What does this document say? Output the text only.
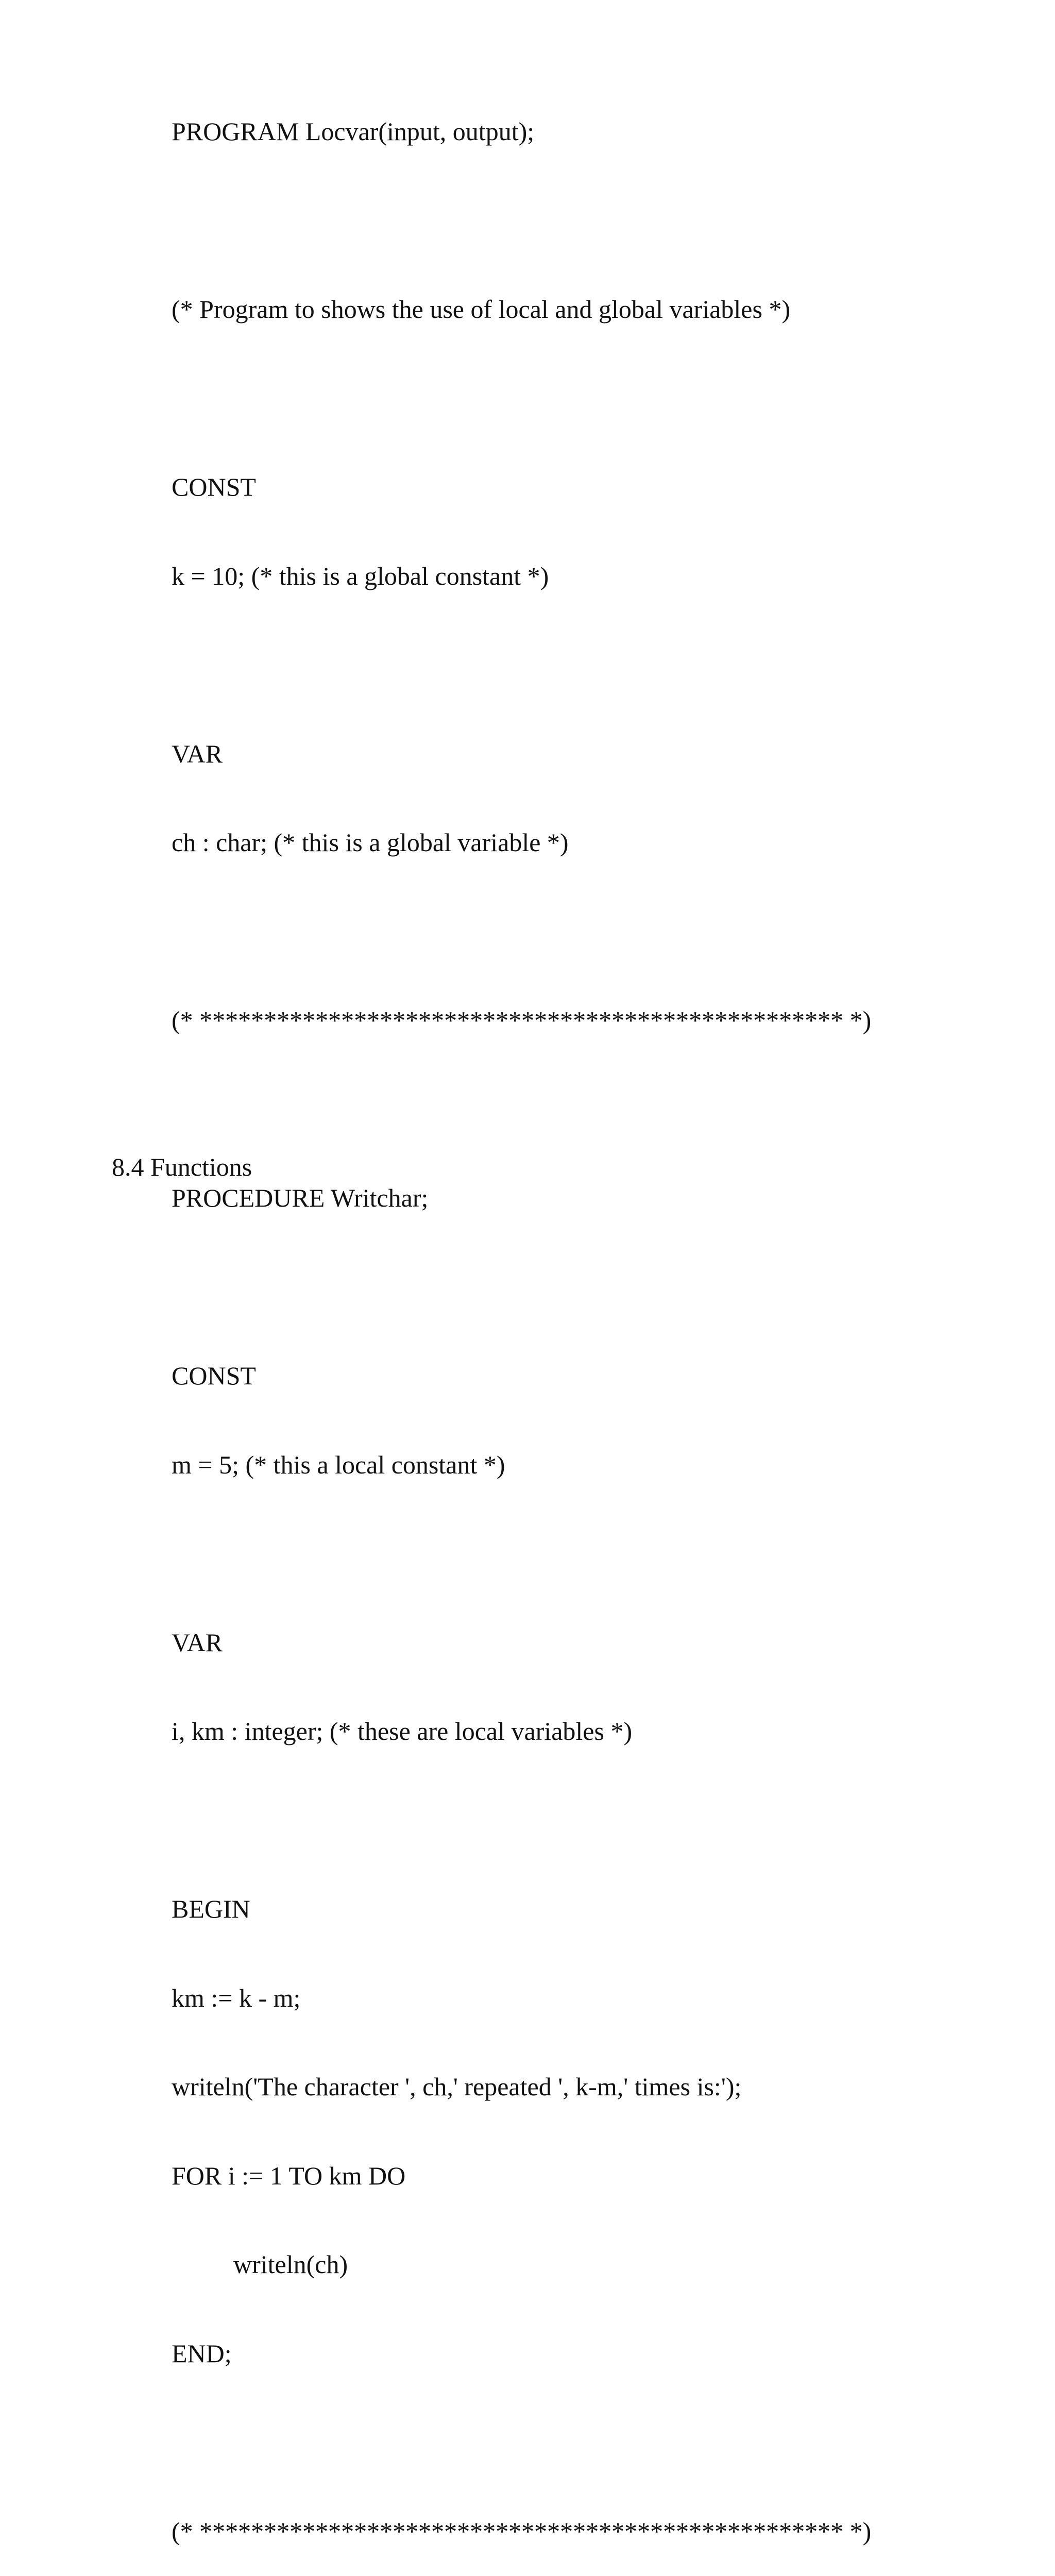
PROGRAM Locvar(input, output);

(* Program to shows the use of local and global variables *)

CONST

k = 10; (* this is a global constant *)

VAR

ch : char; (* this is a global variable *)

(* ************************************************** *)

PROCEDURE Writchar;

CONST

m = 5; (* this a local constant *)

VAR

i, km : integer; (* these are local variables *)

BEGIN

km := k - m;

writeln('The character ', ch,' repeated ', k-m,' times is:');

FOR i := 1 TO km DO

writeln(ch)

END;

(* ************************************************** *)

8.4 Functions
